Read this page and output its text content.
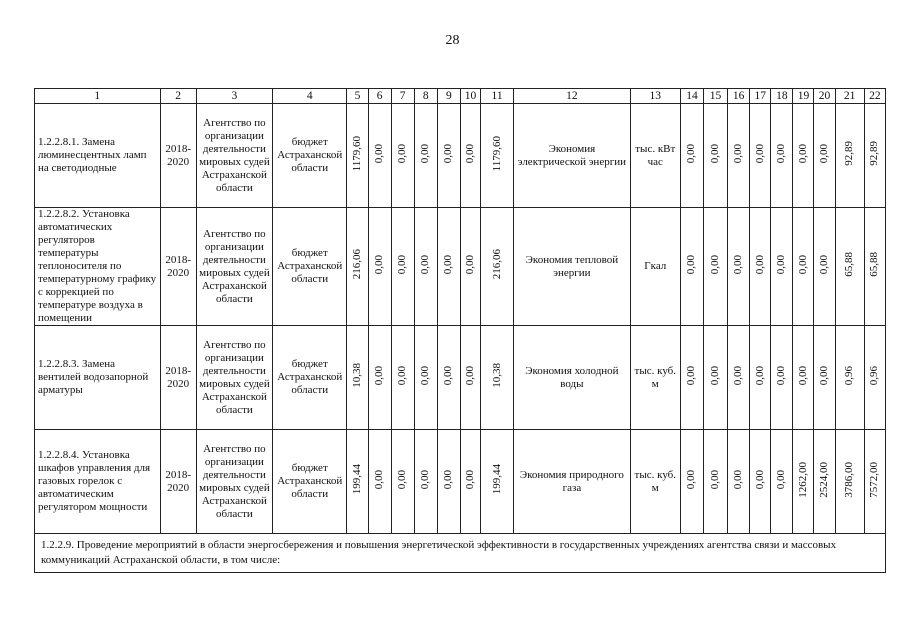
28
1	2	3	4	5	6	7	8	9	10	11	12	13	14	15	16	17	18	19	20	21	22
1.2.2.8.1. Замена люминесцентных ламп на светодиодные	2018-2020	Агентство по организации деятельности мировых судей Астраханской области	бюджет Астраханской области	1179,60	0,00	0,00	0,00	0,00	0,00	1179,60	Экономия электрической энергии	тыс. кВт час	0,00	0,00	0,00	0,00	0,00	0,00	0,00	92,89	92,89
1.2.2.8.2. Установка автоматических регуляторов температуры теплоносителя по температурному графику с коррекцией по температуре воздуха в помещении	2018-2020	Агентство по организации деятельности мировых судей Астраханской области	бюджет Астраханской области	216,06	0,00	0,00	0,00	0,00	0,00	216,06	Экономия тепловой энергии	Гкал	0,00	0,00	0,00	0,00	0,00	0,00	0,00	65,88	65,88
1.2.2.8.3. Замена вентилей водозапорной арматуры	2018-2020	Агентство по организации деятельности мировых судей Астраханской области	бюджет Астраханской области	10,38	0,00	0,00	0,00	0,00	0,00	10,38	Экономия холодной воды	тыс. куб. м	0,00	0,00	0,00	0,00	0,00	0,00	0,00	0,96	0,96
1.2.2.8.4. Установка шкафов управления для газовых горелок с автоматическим регулятором мощности	2018-2020	Агентство по организации деятельности мировых судей Астраханской области	бюджет Астраханской области	199,44	0,00	0,00	0,00	0,00	0,00	199,44	Экономия природного газа	тыс. куб. м	0,00	0,00	0,00	0,00	0,00	1262,00	2524,00	3786,00	7572,00
1.2.2.9. Проведение мероприятий в области энергосбережения и повышения энергетической эффективности в государственных учреждениях агентства связи и массовых коммуникаций Астраханской области, в том числе:																					
